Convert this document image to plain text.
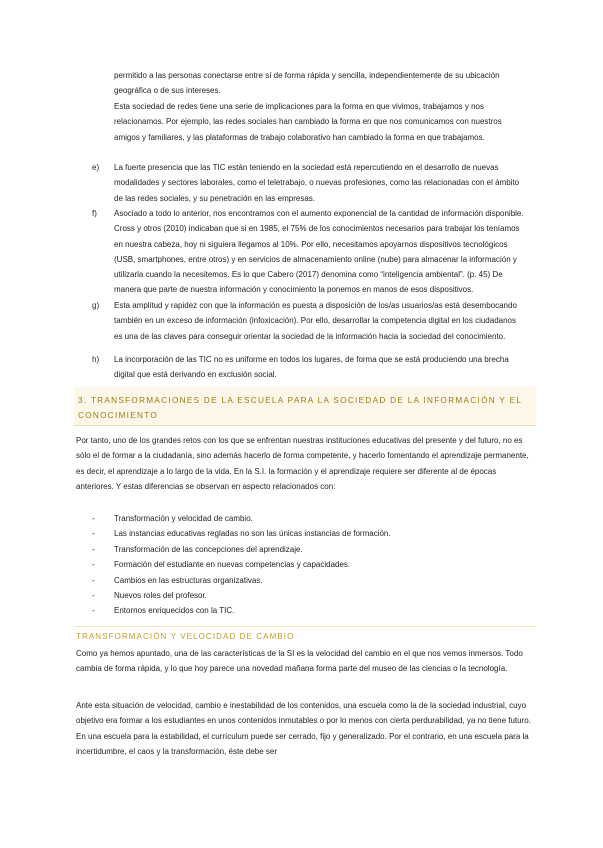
permitido a las personas conectarse entre sí de forma rápida y sencilla, independientemente de su ubicación geográfica o de sus intereses.
Esta sociedad de redes tiene una serie de implicaciones para la forma en que vivimos, trabajamos y nos relacionamos. Por ejemplo, las redes sociales han cambiado la forma en que nos comunicamos con nuestros amigos y familiares, y las plataformas de trabajo colaborativo han cambiado la forma en que trabajamos.
e)	La fuerte presencia que las TIC están teniendo en la sociedad está repercutiendo en el desarrollo de nuevas modalidades y sectores laborales, como el teletrabajo, o nuevas profesiones, como las relacionadas con el ámbito de las redes sociales, y su penetración en las empresas.
f)	Asociado a todo lo anterior, nos encontramos con el aumento exponencial de la cantidad de información disponible. Cross y otros (2010) indicaban que si en 1985, el 75% de los conocimientos necesarios para trabajar los teníamos en nuestra cabeza, hoy ni siguiera llegamos al 10%. Por ello, necesitamos apoyarnos dispositivos tecnológicos (USB, smartphones, entre otros) y en servicios de almacenamiento online (nube) para almacenar la información y utilizarla cuando la necesitemos. Es lo que Cabero (2017) denomina como “inteligencia ambiental”. (p. 45) De manera que parte de nuestra información y conocimiento la ponemos en manos de esos dispositivos.
g)	Esta amplitud y rapidez con que la información es puesta a disposición de los/as usuarios/as está desembocando también en un exceso de información (infoxicación). Por ello, desarrollar la competencia digital en los ciudadanos es una de las claves para conseguir orientar la sociedad de la información hacia la sociedad del conocimiento.
h)	La incorporación de las TIC no es uniforme en todos los lugares, de forma que se está produciendo una brecha digital que está derivando en exclusión social.
3. TRANSFORMACIONES DE LA ESCUELA PARA LA SOCIEDAD DE LA INFORMACIÓN Y EL CONOCIMIENTO
Por tanto, uno de los grandes retos con los que se enfrentan nuestras instituciones educativas del presente y del futuro, no es sólo el de formar a la ciudadanía, sino además hacerlo de forma competente, y hacerlo fomentando el aprendizaje permanente, es decir, el aprendizaje a lo largo de la vida. En la S.I. la formación y el aprendizaje requiere ser diferente al de épocas anteriores. Y estas diferencias se observan en aspecto relacionados con:
-	Transformación y velocidad de cambio.
-	Las instancias educativas regladas no son las únicas instancias de formación.
-	Transformación de las concepciones del aprendizaje.
-	Formación del estudiante en nuevas competencias y capacidades.
-	Cambios en las estructuras organizativas.
-	Nuevos roles del profesor.
-	Entornos enriquecidos con la TIC.
TRANSFORMACIÓN Y VELOCIDAD DE CAMBIO
Como ya hemos apuntado, una de las características de la SI es la velocidad del cambio en el que nos vemos inmersos. Todo cambia de forma rápida, y lo que hoy parece una novedad mañana forma parte del museo de las ciencias o la tecnología.
Ante esta situación de velocidad, cambio e inestabilidad de los contenidos, una escuela como la de la sociedad industrial, cuyo objetivo era formar a los estudiantes en unos contenidos inmutables o por lo menos con cierta perdurabilidad, ya no tiene futuro. En una escuela para la estabilidad, el currículum puede ser cerrado, fijo y generalizado. Por el contrario, en una escuela para la incertidumbre, el caos y la transformación, éste debe ser
